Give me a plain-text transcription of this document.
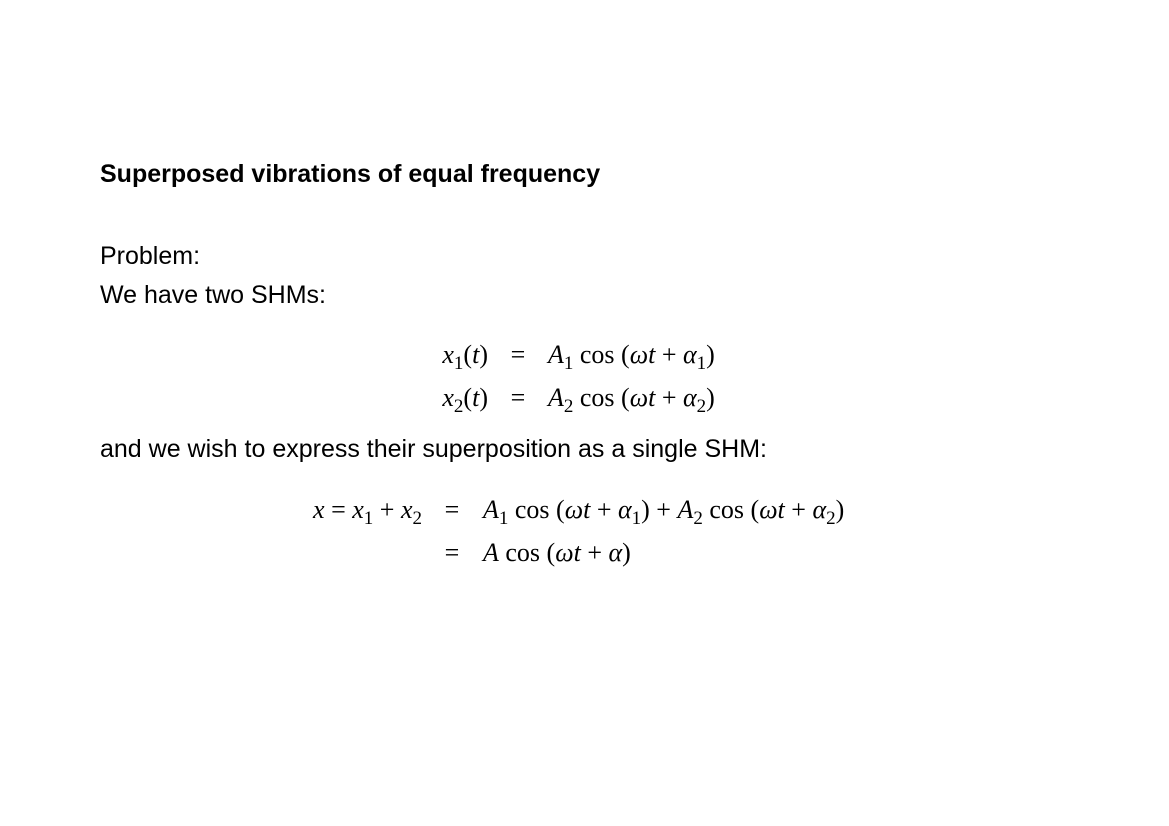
Superposed vibrations of equal frequency
Problem:
We have two SHMs:
$x_1(t) = A_1$ $\cos (\omega t + \alpha_1)$
$x_2(t) = A_2$ $\cos (\omega t + \alpha_2)$
and we wish to express their superposition as a single SHM:
$x = x_1 + x_2 = A_1$ $\cos (\omega t + \alpha_1) + A_2$ $\cos (\omega t + \alpha_2)$
= A cos (ωt + α)
